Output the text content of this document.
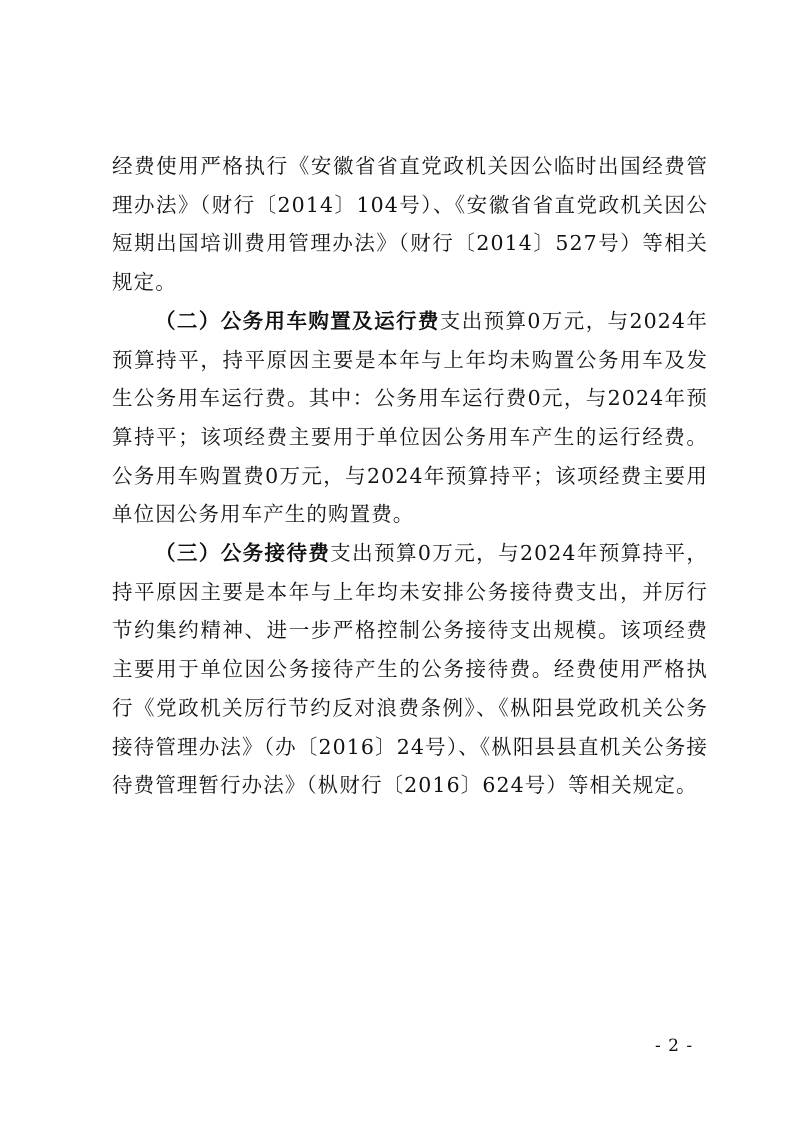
经费使用严格执行《安徽省省直党政机关因公临时出国经费管理办法》（财行〔2014〕104号）、《安徽省省直党政机关因公短期出国培训费用管理办法》（财行〔2014〕527号）等相关规定。

（二）公务用车购置及运行费支出预算0万元，与2024年预算持平，持平原因主要是本年与上年均未购置公务用车及发生公务用车运行费。其中：公务用车运行费0元，与2024年预算持平；该项经费主要用于单位因公务用车产生的运行经费。公务用车购置费0万元，与2024年预算持平；该项经费主要用单位因公务用车产生的购置费。

（三）公务接待费支出预算0万元，与2024年预算持平，持平原因主要是本年与上年均未安排公务接待费支出，并厉行节约集约精神、进一步严格控制公务接待支出规模。该项经费主要用于单位因公务接待产生的公务接待费。经费使用严格执行《党政机关厉行节约反对浪费条例》、《枞阳县党政机关公务接待管理办法》（办〔2016〕24号）、《枞阳县县直机关公务接待费管理暂行办法》（枞财行〔2016〕624号）等相关规定。

- 2 -
